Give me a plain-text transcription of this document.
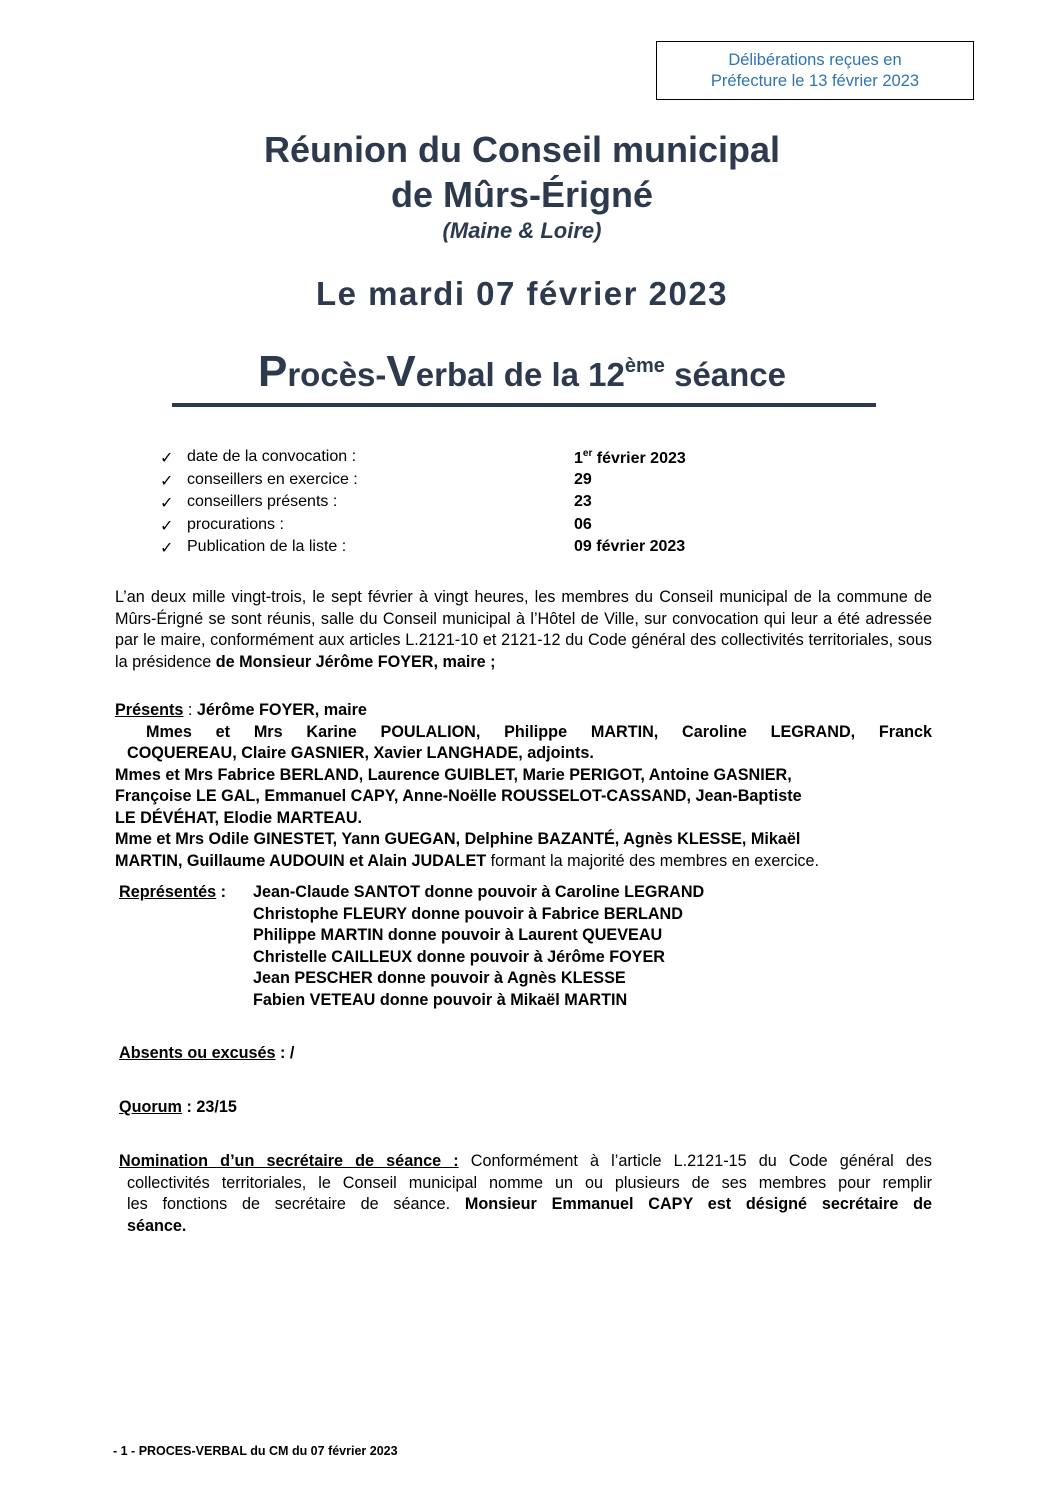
Délibérations reçues en
Préfecture le 13 février 2023
Réunion du Conseil municipal
de Mûrs-Érigné
(Maine & Loire)
Le mardi 07 février 2023
Procès-Verbal de la 12ème séance
✓ date de la convocation :	1er février 2023
✓ conseillers en exercice :	29
✓ conseillers présents :	23
✓ procurations :	06
✓ Publication de la liste :	09 février 2023
L’an deux mille vingt-trois, le sept février à vingt heures, les membres du Conseil municipal de la commune de Mûrs-Érigné se sont réunis, salle du Conseil municipal à l’Hôtel de Ville, sur convocation qui leur a été adressée par le maire, conformément aux articles L.2121-10 et 2121-12 du Code général des collectivités territoriales, sous la présidence de Monsieur Jérôme FOYER, maire ;
Présents : Jérôme FOYER, maire
Mmes et Mrs Karine POULALION, Philippe MARTIN, Caroline LEGRAND, Franck
COQUEREAU, Claire GASNIER, Xavier LANGHADE, adjoints.
Mmes et Mrs Fabrice BERLAND, Laurence GUIBLET, Marie PERIGOT, Antoine GASNIER,
Françoise LE GAL, Emmanuel CAPY, Anne-Noëlle ROUSSELOT-CASSAND, Jean-Baptiste
LE DÉVÉHAT, Elodie MARTEAU.
Mme et Mrs Odile GINESTET, Yann GUEGAN, Delphine BAZANTÉ, Agnès KLESSE, Mikaël
MARTIN, Guillaume AUDOUIN et Alain JUDALET formant la majorité des membres en exercice.
Représentés : Jean-Claude SANTOT donne pouvoir à Caroline LEGRAND
Christophe FLEURY donne pouvoir à Fabrice BERLAND
Philippe MARTIN donne pouvoir à Laurent QUEVEAU
Christelle CAILLEUX donne pouvoir à Jérôme FOYER
Jean PESCHER donne pouvoir à Agnès KLESSE
Fabien VETEAU donne pouvoir à Mikaël MARTIN
Absents ou excusés : /
Quorum : 23/15
Nomination d’un secrétaire de séance : Conformément à l’article L.2121-15 du Code général des
collectivités territoriales, le Conseil municipal nomme un ou plusieurs de ses membres pour remplir
les fonctions de secrétaire de séance. Monsieur Emmanuel CAPY est désigné secrétaire de
séance.
- 1 - PROCES-VERBAL du CM du 07 février 2023
